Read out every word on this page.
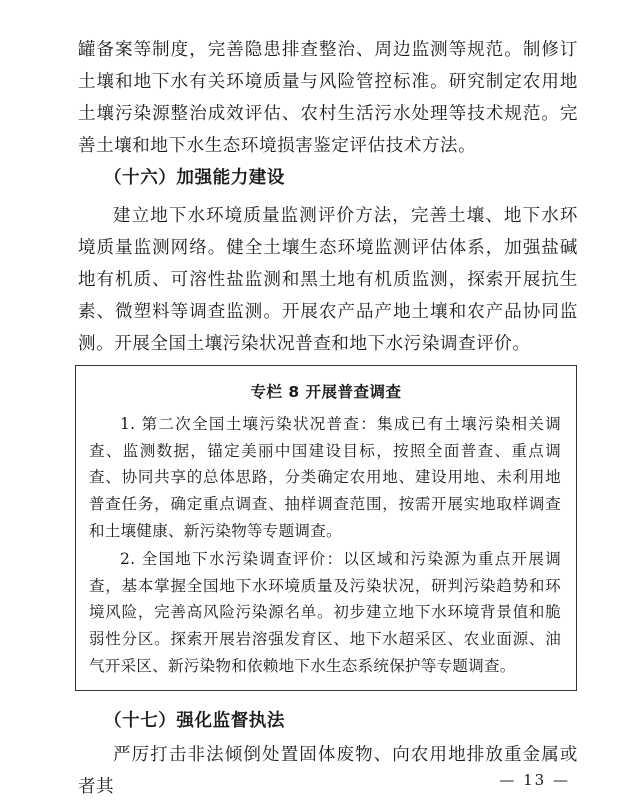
罐备案等制度，完善隐患排查整治、周边监测等规范。制修订土壤和地下水有关环境质量与风险管控标准。研究制定农用地土壤污染源整治成效评估、农村生活污水处理等技术规范。完善土壤和地下水生态环境损害鉴定评估技术方法。

（十六）加强能力建设

建立地下水环境质量监测评价方法，完善土壤、地下水环境质量监测网络。健全土壤生态环境监测评估体系，加强盐碱地有机质、可溶性盐监测和黑土地有机质监测，探索开展抗生素、微塑料等调查监测。开展农产品产地土壤和农产品协同监测。开展全国土壤污染状况普查和地下水污染调查评价。

专栏 8 开展普查调查

1. 第二次全国土壤污染状况普查：集成已有土壤污染相关调查、监测数据，锚定美丽中国建设目标，按照全面普查、重点调查、协同共享的总体思路，分类确定农用地、建设用地、未利用地普查任务，确定重点调查、抽样调查范围，按需开展实地取样调查和土壤健康、新污染物等专题调查。

2. 全国地下水污染调查评价：以区域和污染源为重点开展调查，基本掌握全国地下水环境质量及污染状况，研判污染趋势和环境风险，完善高风险污染源名单。初步建立地下水环境背景值和脆弱性分区。探索开展岩溶强发育区、地下水超采区、农业面源、油气开采区、新污染物和依赖地下水生态系统保护等专题调查。

（十七）强化监督执法

严厉打击非法倾倒处置固体废物、向农用地排放重金属或者其	— 13 —
